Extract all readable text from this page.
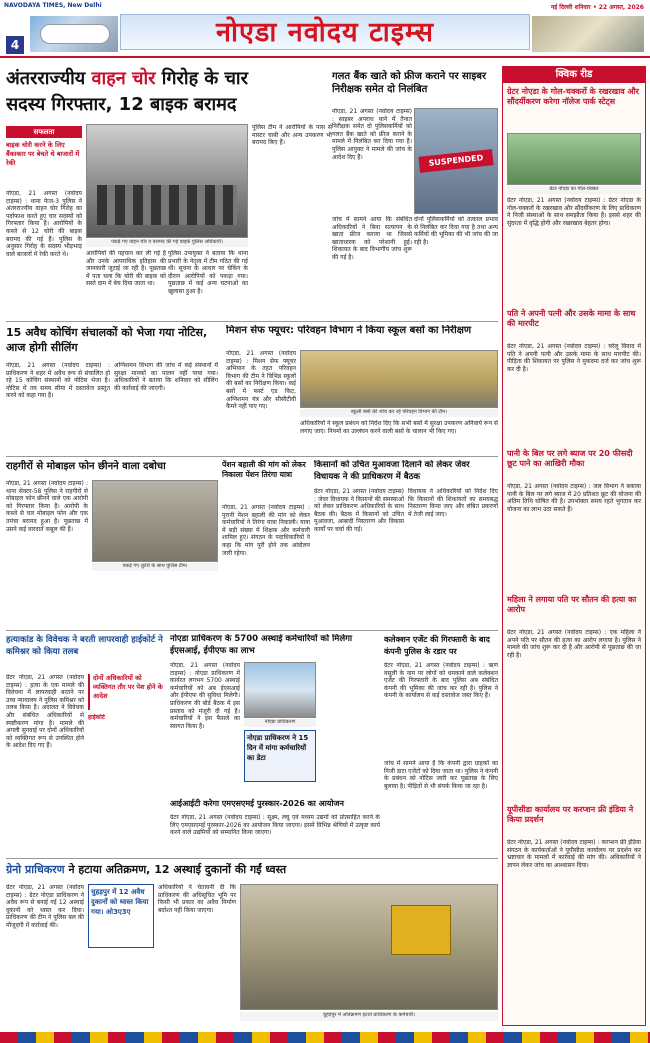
NAVODAYA TIMES, New Delhi	नई दिल्ली शनिवार • 22 अगस्त, 2026
नोएडा नवोदय टाइम्स
4
अंतरराज्यीय वाहन चोर गिरोह के चार
सदस्य गिरफ्तार, 12 बाइक बरामद
सफलता
बाइक चोरी करने के लिए बैंकाकार पर बेचते थे बाजारों में रेकी
नोएडा, 21 अगस्त (नवोदय टाइम्स) : थाना फेज-3 पुलिस ने अंतरराज्यीय वाहन चोर गिरोह का पर्दाफाश करते हुए चार सदस्यों को गिरफ्तार किया है। आरोपियों के कब्जे से 12 चोरी की बाइक बरामद की गई हैं। पुलिस के अनुसार गिरोह के सदस्य भीड़भाड़ वाले बाजारों में रेकी करते थे।
पकड़े गए वाहन चोर व बरामद की गई बाइकें पुलिस अधिकारी।
आरोपियों की पहचान कर ली गई है और उनके आपराधिक इतिहास की जानकारी जुटाई जा रही है। पूछताछ में पता चला कि चोरी की बाइक को सस्ते दाम में बेच दिया जाता था।
पुलिस उपायुक्त ने बताया कि थाना प्रभारी के नेतृत्व में टीम गठित की गई थी। सूचना के आधार पर चेकिंग के दौरान आरोपियों को पकड़ा गया। पूछताछ में कई अन्य घटनाओं का खुलासा हुआ है।
पुलिस टीम ने आरोपियों के पास से मास्टर चाबी और अन्य उपकरण भी बरामद किए हैं।
गलत बैंक खाते को फ्रीज कराने पर साइबर निरीक्षक समेत दो निलंबित
नोएडा, 21 अगस्त (नवोदय टाइम्स) : साइबर अपराध थाने में तैनात निरीक्षक समेत दो पुलिसकर्मियों को गलत बैंक खाते को फ्रीज कराने के मामले में निलंबित कर दिया गया है। पुलिस आयुक्त ने मामले की जांच के आदेश दिए हैं।	SUSPENDED
जांच में सामने आया कि संबंधित अधिकारियों ने बिना सत्यापन के खाता फ्रीज कराया था जिससे खाताधारक को परेशानी हुई। शिकायत के बाद विभागीय जांच शुरू की गई है।
दोनों पुलिसकर्मियों को तत्काल प्रभाव से निलंबित कर दिया गया है तथा अन्य कर्मियों की भूमिका की भी जांच की जा रही है।
15 अवैध कोचिंग संचालकों को भेजा गया नोटिस, आज होगी सीलिंग
नोएडा, 21 अगस्त (नवोदय टाइम्स) : प्राधिकरण ने शहर में अवैध रूप से संचालित हो रहे 15 कोचिंग संस्थानों को नोटिस भेजा है। नोटिस में तय समय सीमा में दस्तावेज प्रस्तुत करने को कहा गया है।
अग्निशमन विभाग की जांच में कई संस्थानों में सुरक्षा मानकों का पालन नहीं पाया गया। अधिकारियों ने बताया कि शनिवार को सीलिंग की कार्रवाई की जाएगी।
मिशन सेफ फ्यूचर: परिवहन विभाग ने किया स्कूल बसों का निरीक्षण
नोएडा, 21 अगस्त (नवोदय टाइम्स) : मिशन सेफ फ्यूचर अभियान के तहत परिवहन विभाग की टीम ने विभिन्न स्कूलों की बसों का निरीक्षण किया। कई बसों में फर्स्ट एड किट, अग्निशमन यंत्र और सीसीटीवी कैमरे नहीं पाए गए।
स्कूली बसों की जांच कर रहे परिवहन विभाग की टीम।
अधिकारियों ने स्कूल प्रबंधन को निर्देश दिए कि सभी बसों में सुरक्षा उपकरण अनिवार्य रूप से लगाए जाएं। नियमों का उल्लंघन करने वाली बसों के चालान भी किए गए।
राहगीरों से मोबाइल फोन छीनने वाला दबोचा
नोएडा, 21 अगस्त (नवोदय टाइम्स) : थाना सेक्टर-58 पुलिस ने राहगीरों से मोबाइल फोन छीनने वाले एक आरोपी को गिरफ्तार किया है। आरोपी के कब्जे से चार मोबाइल फोन और एक तमंचा बरामद हुआ है। पूछताछ में उसने कई वारदातें कबूल की हैं।
पकड़े गए लुटेरों के साथ पुलिस टीम।
पेंशन बहाली की मांग को लेकर निकाला पेंशन तिरंगा यात्रा
नोएडा, 21 अगस्त (नवोदय टाइम्स) : पुरानी पेंशन बहाली की मांग को लेकर कर्मचारियों ने तिरंगा यात्रा निकाली। यात्रा में बड़ी संख्या में शिक्षक और कर्मचारी शामिल हुए। संगठन के पदाधिकारियों ने कहा कि मांग पूरी होने तक आंदोलन जारी रहेगा।
किसानों को उचित मुआवजा दिलाने को लेकर जेवर विधायक ने की प्राधिकरण में बैठक
ग्रेटर नोएडा, 21 अगस्त (नवोदय टाइम्स) : जेवर विधायक ने किसानों की समस्याओं को लेकर प्राधिकरण अधिकारियों के साथ बैठक की। बैठक में किसानों को उचित मुआवजा, आबादी निस्तारण और विकास कार्यों पर चर्चा की गई।
विधायक ने अधिकारियों को निर्देश दिए कि किसानों की शिकायतों का समयबद्ध निस्तारण किया जाए और लंबित प्रकरणों में तेजी लाई जाए।
हत्याकांड के विवेचक ने बरती लापरवाही हाईकोर्ट ने कमिश्नर को किया तलब
ग्रेटर नोएडा, 21 अगस्त (नवोदय टाइम्स) : हत्या के एक मामले की विवेचना में लापरवाही बरतने पर उच्च न्यायालय ने पुलिस कमिश्नर को तलब किया है। अदालत ने विवेचक और संबंधित अधिकारियों से स्पष्टीकरण मांगा है। मामले की अगली सुनवाई पर दोनों अधिकारियों को व्यक्तिगत रूप से उपस्थित होने के आदेश दिए गए हैं।
दोनों अधिकारियों को व्यक्तिगत तौर पर पेश होने के आदेश
हाईकोर्ट
नोएडा प्राधिकरण के 5700 अस्थाई कर्मचारियों को मिलेगा ईएसआई, ईपीएफ का लाभ
नोएडा, 21 अगस्त (नवोदय टाइम्स) : नोएडा प्राधिकरण में कार्यरत लगभग 5700 अस्थाई कर्मचारियों को अब ईएसआई और ईपीएफ की सुविधा मिलेगी। प्राधिकरण की बोर्ड बैठक में इस प्रस्ताव को मंजूरी दी गई है। कर्मचारियों ने इस फैसले का स्वागत किया है।
नोएडा प्राधिकरण
नोएडा प्राधिकरण ने 15 दिन में मांगा कर्मचारियों का डेटा
आईआईटी करेगा एमएसएमई पुरस्कार-2026 का आयोजन
ग्रेटर नोएडा, 21 अगस्त (नवोदय टाइम्स) : सूक्ष्म, लघु एवं मध्यम उद्यमों को प्रोत्साहित करने के लिए एमएसएमई पुरस्कार-2026 का आयोजन किया जाएगा। इसमें विभिन्न श्रेणियों में उत्कृष्ट कार्य करने वाले उद्यमियों को सम्मानित किया जाएगा।
कलेक्शन एजेंट की गिरफ्तारी के बाद कंपनी पुलिस के रडार पर
ग्रेटर नोएडा, 21 अगस्त (नवोदय टाइम्स) : ऋण वसूली के नाम पर लोगों को धमकाने वाले कलेक्शन एजेंट की गिरफ्तारी के बाद पुलिस अब संबंधित कंपनी की भूमिका की जांच कर रही है। पुलिस ने कंपनी के कार्यालय से कई दस्तावेज जब्त किए हैं।
जांच में सामने आया है कि कंपनी द्वारा ग्राहकों का निजी डाटा एजेंटों को दिया जाता था। पुलिस ने कंपनी के प्रबंधन को नोटिस जारी कर पूछताछ के लिए बुलाया है। पीड़ितों से भी संपर्क किया जा रहा है।
ग्रेनो प्राधिकरण ने हटाया अतिक्रमण, 12 अस्थाई दुकानों की गईं ध्वस्त
ग्रेटर नोएडा, 21 अगस्त (नवोदय टाइम्स) : ग्रेटर नोएडा प्राधिकरण ने अवैध रूप से बनाई गई 12 अस्थाई दुकानों को ध्वस्त कर दिया। प्राधिकरण की टीम ने पुलिस बल की मौजूदगी में कार्रवाई की।
चुहड़पुर में 12 अवैध दुकानों को ध्वस्त किया गया। ओ3ए3ए
अधिकारियों ने चेतावनी दी कि प्राधिकरण की अधिसूचित भूमि पर किसी भी प्रकार का अवैध निर्माण बर्दाश्त नहीं किया जाएगा।
चुहड़पुर में अतिक्रमण हटाते प्राधिकरण के कर्मचारी।
क्विक रीड
ग्रेटर नोएडा के गोल-चक्करों के रखरखाव और सौंदर्यीकरण करेगा नॉलेज पार्क स्टेट्स
ग्रेटर नोएडा का गोल-चक्कर
ग्रेटर नोएडा, 21 अगस्त (नवोदय टाइम्स) : ग्रेटर नोएडा के गोल-चक्करों के रखरखाव और सौंदर्यीकरण के लिए प्राधिकरण ने निजी संस्थाओं के साथ समझौता किया है। इससे शहर की सुंदरता में वृद्धि होगी और रखरखाव बेहतर होगा।
पति ने अपनी पत्नी और उसके मामा के साथ की मारपीट
ग्रेटर नोएडा, 21 अगस्त (नवोदय टाइम्स) : घरेलू विवाद में पति ने अपनी पत्नी और उसके मामा के साथ मारपीट की। पीड़िता की शिकायत पर पुलिस ने मुकदमा दर्ज कर जांच शुरू कर दी है।
पानी के बिल पर लगे ब्याज पर 20 फीसदी छूट पाने का आखिरी मौका
नोएडा, 21 अगस्त (नवोदय टाइम्स) : जल विभाग ने बकाया पानी के बिल पर लगे ब्याज में 20 प्रतिशत छूट की योजना की अंतिम तिथि घोषित की है। उपभोक्ता समय रहते भुगतान कर योजना का लाभ उठा सकते हैं।
महिला ने लगाया पति पर सौतन की हत्या का आरोप
ग्रेटर नोएडा, 21 अगस्त (नवोदय टाइम्स) : एक महिला ने अपने पति पर सौतन की हत्या का आरोप लगाया है। पुलिस ने मामले की जांच शुरू कर दी है और आरोपी से पूछताछ की जा रही है।
यूपीसीडा कार्यालय पर करप्शन फ्री इंडिया ने किया प्रदर्शन
ग्रेटर नोएडा, 21 अगस्त (नवोदय टाइम्स) : करप्शन फ्री इंडिया संगठन के कार्यकर्ताओं ने यूपीसीडा कार्यालय पर प्रदर्शन कर भ्रष्टाचार के मामलों में कार्रवाई की मांग की। अधिकारियों ने ज्ञापन लेकर जांच का आश्वासन दिया।
